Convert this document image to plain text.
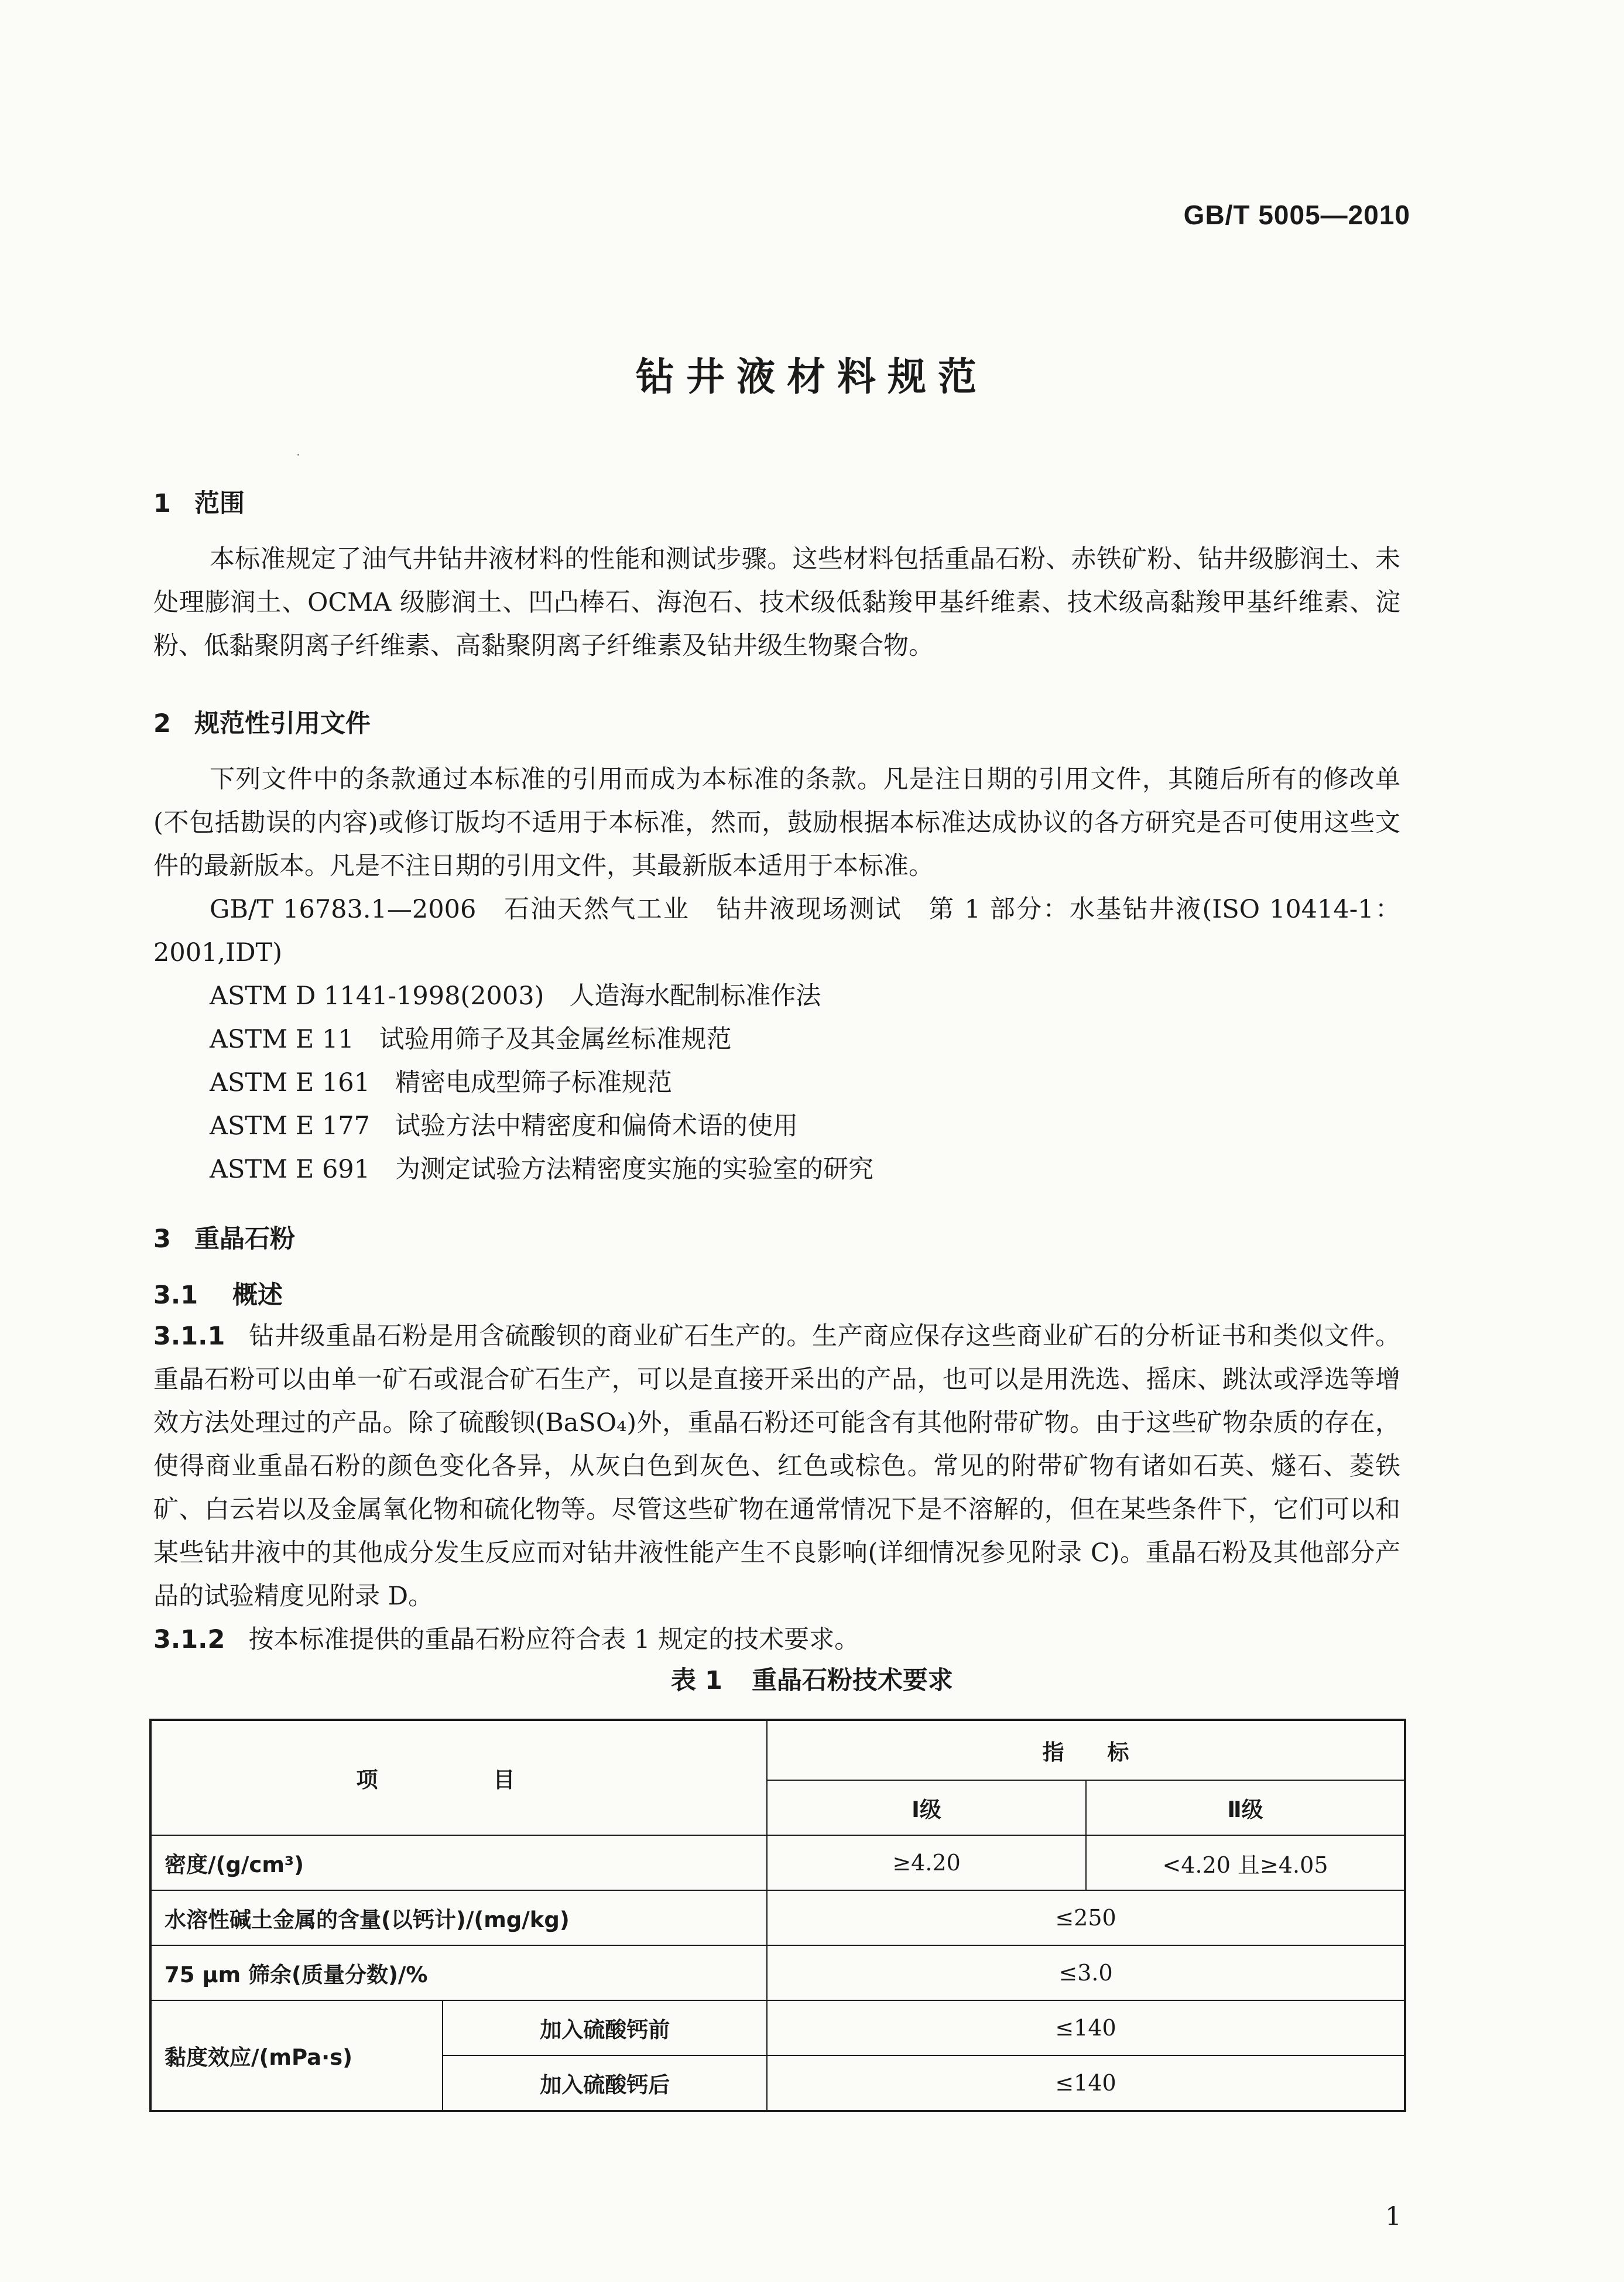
GB/T 5005—2010
钻井液材料规范
1 范围
本标准规定了油气井钻井液材料的性能和测试步骤。这些材料包括重晶石粉、赤铁矿粉、钻井级膨润土、未处理膨润土、OCMA 级膨润土、凹凸棒石、海泡石、技术级低黏羧甲基纤维素、技术级高黏羧甲基纤维素、淀粉、低黏聚阴离子纤维素、高黏聚阴离子纤维素及钻井级生物聚合物。
2 规范性引用文件
下列文件中的条款通过本标准的引用而成为本标准的条款。凡是注日期的引用文件，其随后所有的修改单(不包括勘误的内容)或修订版均不适用于本标准，然而，鼓励根据本标准达成协议的各方研究是否可使用这些文件的最新版本。凡是不注日期的引用文件，其最新版本适用于本标准。
GB/T 16783.1—2006　 石油天然气工业　钻井液现场测试　第 1 部分：水基钻井液(ISO 10414-1：2001,IDT)
ASTM D 1141-1998(2003)　 人造海水配制标准作法
ASTM E 11　 试验用筛子及其金属丝标准规范
ASTM E 161　 精密电成型筛子标准规范
ASTM E 177　 试验方法中精密度和偏倚术语的使用
ASTM E 691　 为测定试验方法精密度实施的实验室的研究
3 重晶石粉
3.1 概述
3.1.1 钻井级重晶石粉是用含硫酸钡的商业矿石生产的。生产商应保存这些商业矿石的分析证书和类似文件。重晶石粉可以由单一矿石或混合矿石生产，可以是直接开采出的产品，也可以是用洗选、摇床、跳汰或浮选等增效方法处理过的产品。除了硫酸钡(BaSO₄)外，重晶石粉还可能含有其他附带矿物。由于这些矿物杂质的存在，使得商业重晶石粉的颜色变化各异，从灰白色到灰色、红色或棕色。常见的附带矿物有诸如石英、燧石、菱铁矿、白云岩以及金属氧化物和硫化物等。尽管这些矿物在通常情况下是不溶解的，但在某些条件下，它们可以和某些钻井液中的其他成分发生反应而对钻井液性能产生不良影响(详细情况参见附录 C)。重晶石粉及其他部分产品的试验精度见附录 D。
3.1.2 按本标准提供的重晶石粉应符合表 1 规定的技术要求。
表 1 重晶石粉技术要求
项　目		指　　标	
		Ⅰ级	Ⅱ级
密度/(g/cm³)		≥4.20	<4.20 且≥4.05
水溶性碱土金属的含量(以钙计)/(mg/kg)		≤250	
75 μm 筛余(质量分数)/%		≤3.0	
黏度效应/(mPa·s)	加入硫酸钙前	≤140	
	加入硫酸钙后	≤140	
1
